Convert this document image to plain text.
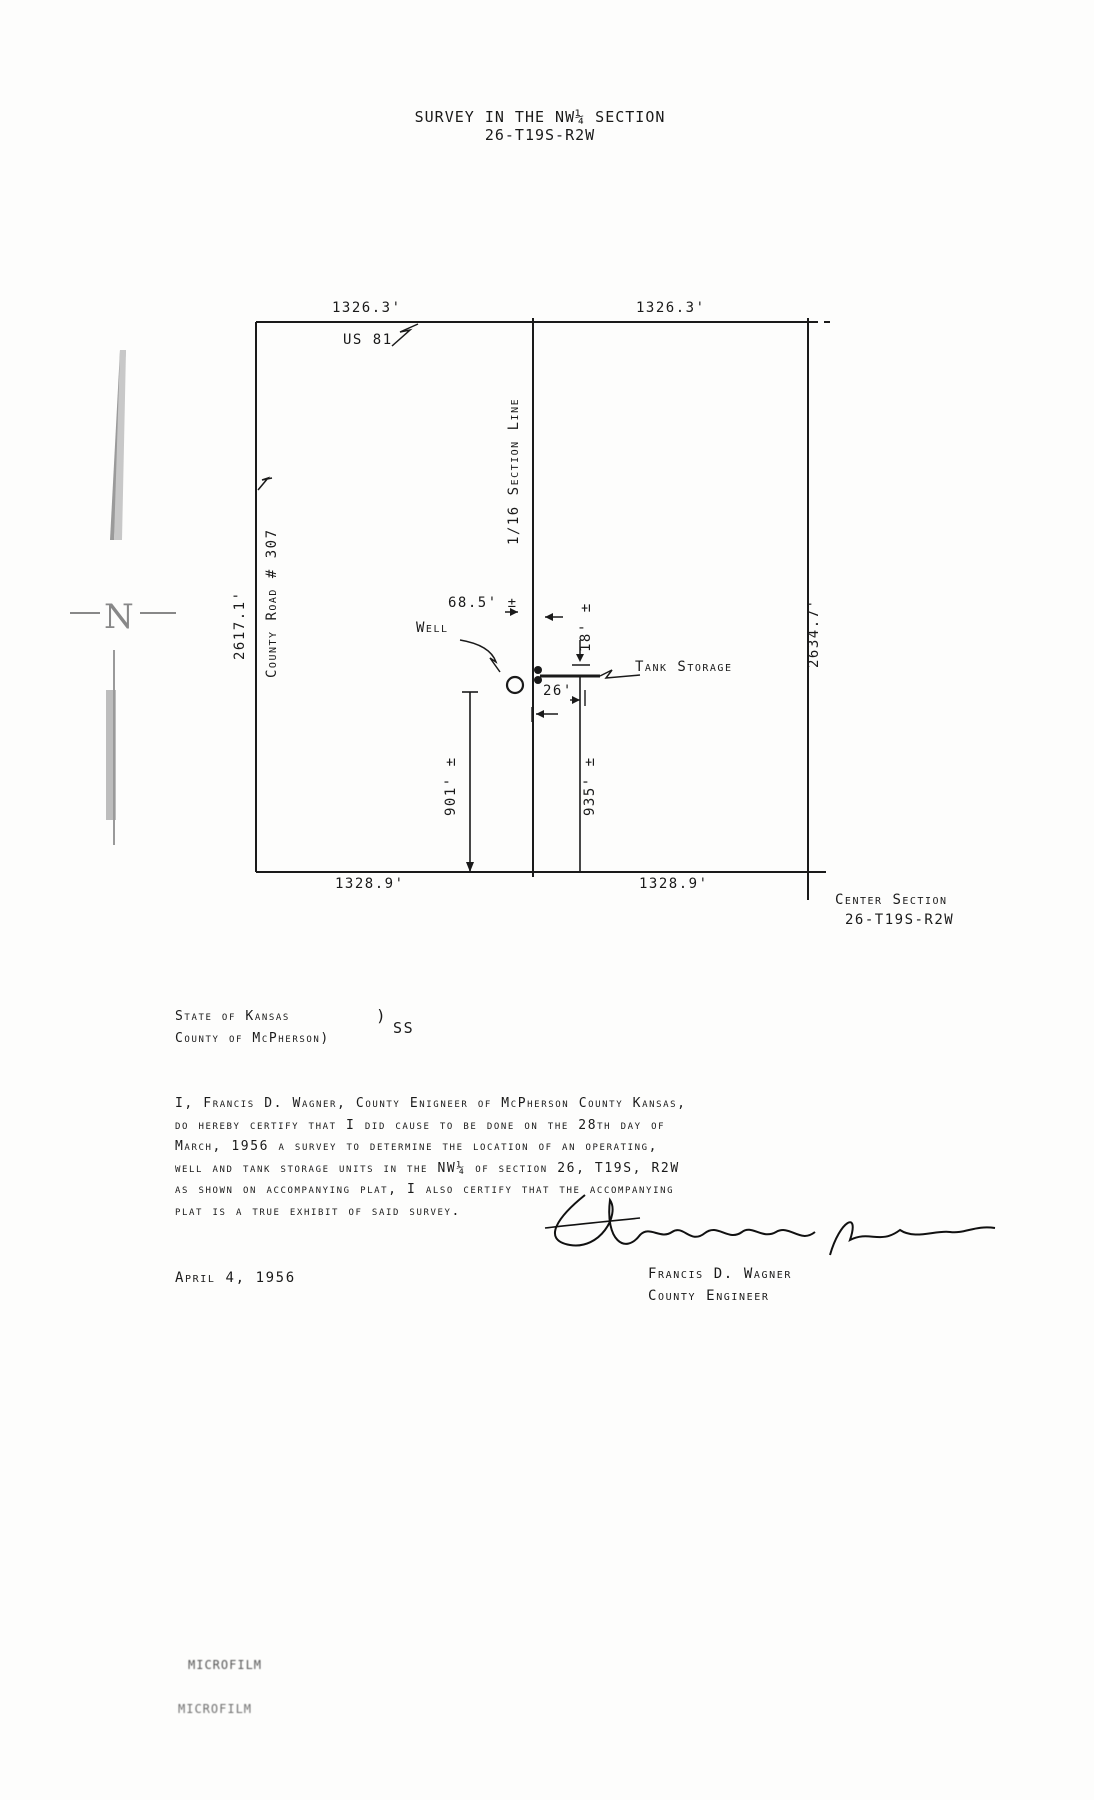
SURVEY IN THE NW¼ SECTION
26-T19S-R2W
N
1326.3'	1326.3'
US 81
1328.9'	1328.9'
2617.1' County Road # 307
1/16 Section Line
2634.7'
68.5' ±
Well	18' ±
Tank Storage
26'
901' ±	935' ±
Center Section
26-T19S-R2W
State of Kansas	)
County of McPherson)
SS
I, Francis D. Wagner, County Enigneer of McPherson County Kansas,
do hereby certify that I did cause to be done on the 28th day of
March, 1956 a survey to determine the location of an operating,
well and tank storage units in the NW¼ of section 26, T19S, R2W
as shown on accompanying plat, I also certify that the accompanying
plat is a true exhibit of said survey.
April 4, 1956	Francis D. Wagner
County Engineer
MICROFILM
MICROFILM
